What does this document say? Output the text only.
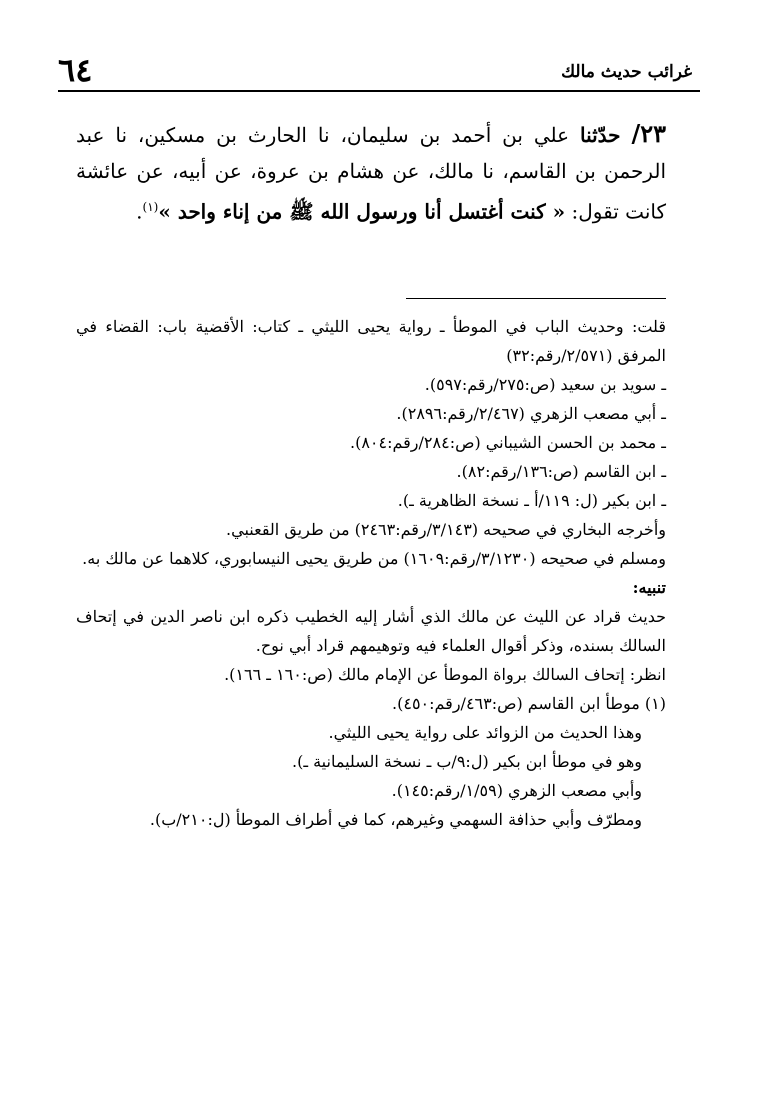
٦٤	غرائب حديث مالك
٢٣/ حدّثنا علي بن أحمد بن سليمان، نا الحارث بن مسكين، نا عبد الرحمن بن القاسم، نا مالك، عن هشام بن عروة، عن أبيه، عن عائشة كانت تقول: « كنت أغتسل أنا ورسول الله ﷺ من إناء واحد »$^{(١)}$.

قلت: وحديث الباب في الموطأ ـ رواية يحيى الليثي ـ كتاب: الأقضية باب: القضاء في المرفق (٢/٥٧١/رقم:٣٢)

ـ سويد بن سعيد (ص:٢٧٥/رقم:٥٩٧).

ـ أبي مصعب الزهري (٢/٤٦٧/رقم:٢٨٩٦).

ـ محمد بن الحسن الشيباني (ص:٢٨٤/رقم:٨٠٤).

ـ ابن القاسم (ص:١٣٦/رقم:٨٢).

ـ ابن بكير (ل: ١١٩/أ ـ نسخة الظاهرية ـ).

وأخرجه البخاري في صحيحه (٣/١٤٣/رقم:٢٤٦٣) من طريق القعنبي.

ومسلم في صحيحه (٣/١٢٣٠/رقم:١٦٠٩) من طريق يحيى النيسابوري، كلاهما عن مالك به.

تنبيه:

حديث قراد عن الليث عن مالك الذي أشار إليه الخطيب ذكره ابن ناصر الدين في إتحاف السالك بسنده، وذكر أقوال العلماء فيه وتوهيمهم قراد أبي نوح.

انظر: إتحاف السالك برواة الموطأ عن الإمام مالك (ص:١٦٠ ـ ١٦٦).

(١) موطأ ابن القاسم (ص:٤٦٣/رقم:٤٥٠).

وهذا الحديث من الزوائد على رواية يحيى الليثي.

وهو في موطأ ابن بكير (ل:٩/ب ـ نسخة السليمانية ـ).

وأبي مصعب الزهري (١/٥٩/رقم:١٤٥).

ومطرّف وأبي حذافة السهمي وغيرهم، كما في أطراف الموطأ (ل:٢١٠/ب).
